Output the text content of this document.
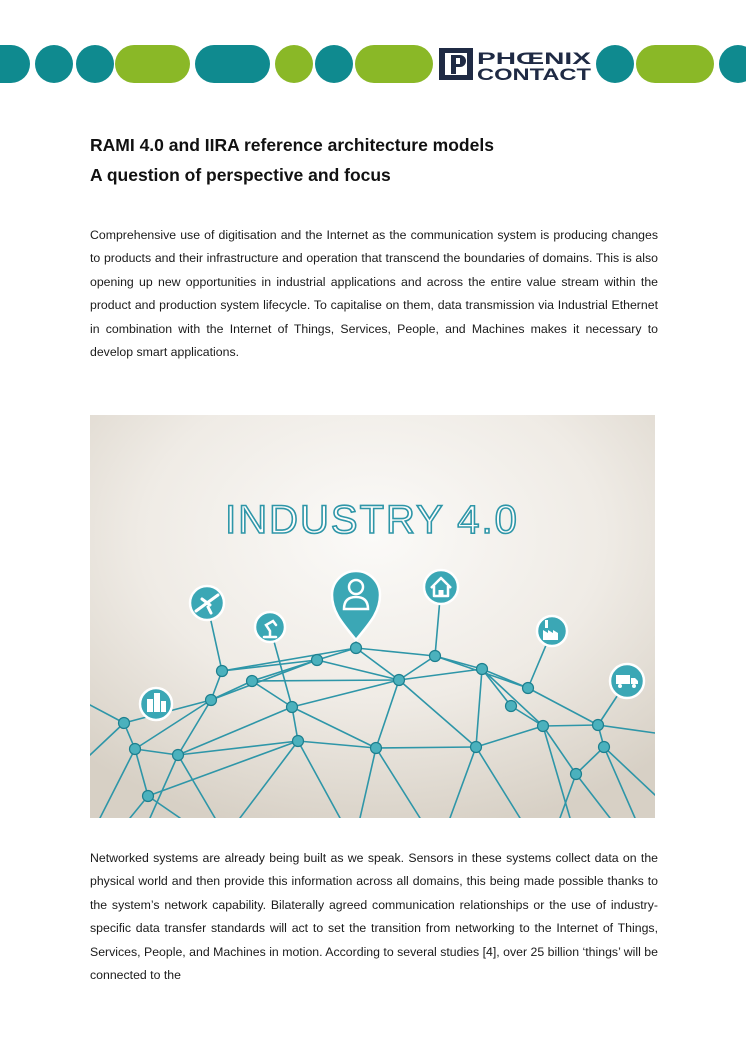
PHŒNIX
CONTACT
RAMI 4.0 and IIRA reference architecture models
A question of perspective and focus

Comprehensive use of digitisation and the Internet as the communication system is producing changes to products and their infrastructure and operation that transcend the boundaries of domains. This is also opening up new opportunities in industrial applications and across the entire value stream within the product and production system lifecycle. To capitalise on them, data transmission via Industrial Ethernet in combination with the Internet of Things, Services, People, and Machines makes it necessary to develop smart applications.

INDUSTRY 4.0

Networked systems are already being built as we speak. Sensors in these systems collect data on the physical world and then provide this information across all domains, this being made possible thanks to the system’s network capability. Bilaterally agreed communication relationships or the use of industry-specific data transfer standards will act to set the transition from networking to the Internet of Things, Services, People, and Machines in motion. According to several studies [4], over 25 billion ‘things’ will be connected to the
